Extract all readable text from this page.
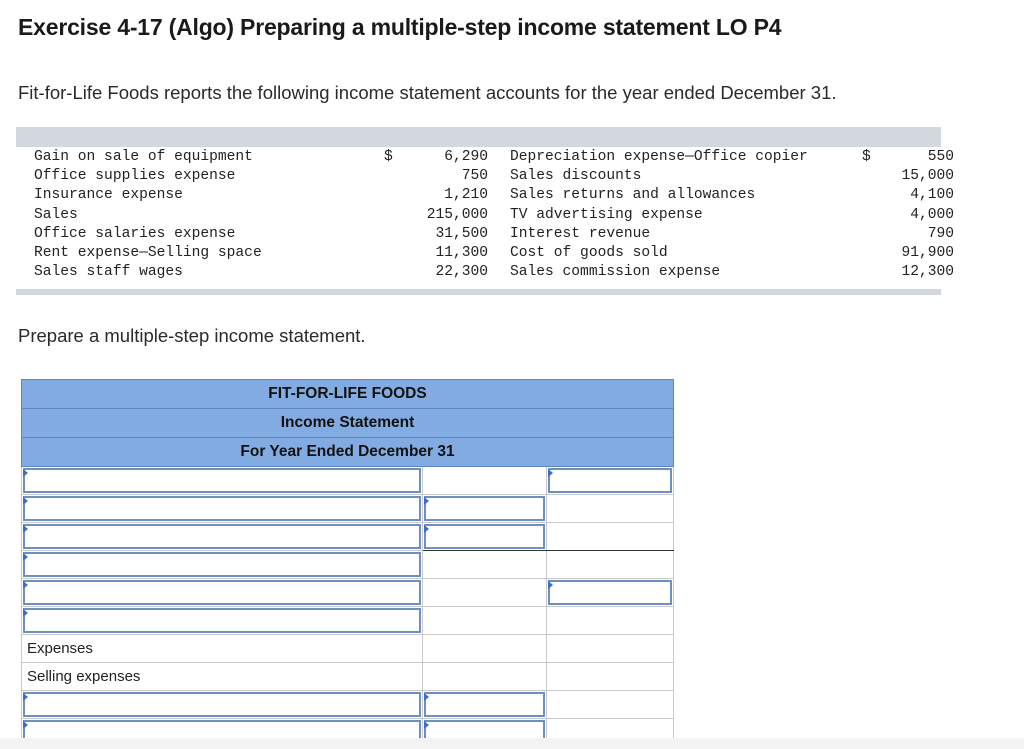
Exercise 4-17 (Algo) Preparing a multiple-step income statement LO P4
Fit-for-Life Foods reports the following income statement accounts for the year ended December 31.
Gain on sale of equipment	$	6,290		Depreciation expense—Office copier	$	550
Office supplies expense		750		Sales discounts		15,000
Insurance expense		1,210		Sales returns and allowances		4,100
Sales		215,000		TV advertising expense		4,000
Office salaries expense		31,500		Interest revenue		790
Rent expense—Selling space		11,300		Cost of goods sold		91,900
Sales staff wages		22,300		Sales commission expense		12,300
Prepare a multiple-step income statement.
FIT-FOR-LIFE FOODS		
Income Statement		
For Year Ended December 31		

Expenses		
Selling expenses		
